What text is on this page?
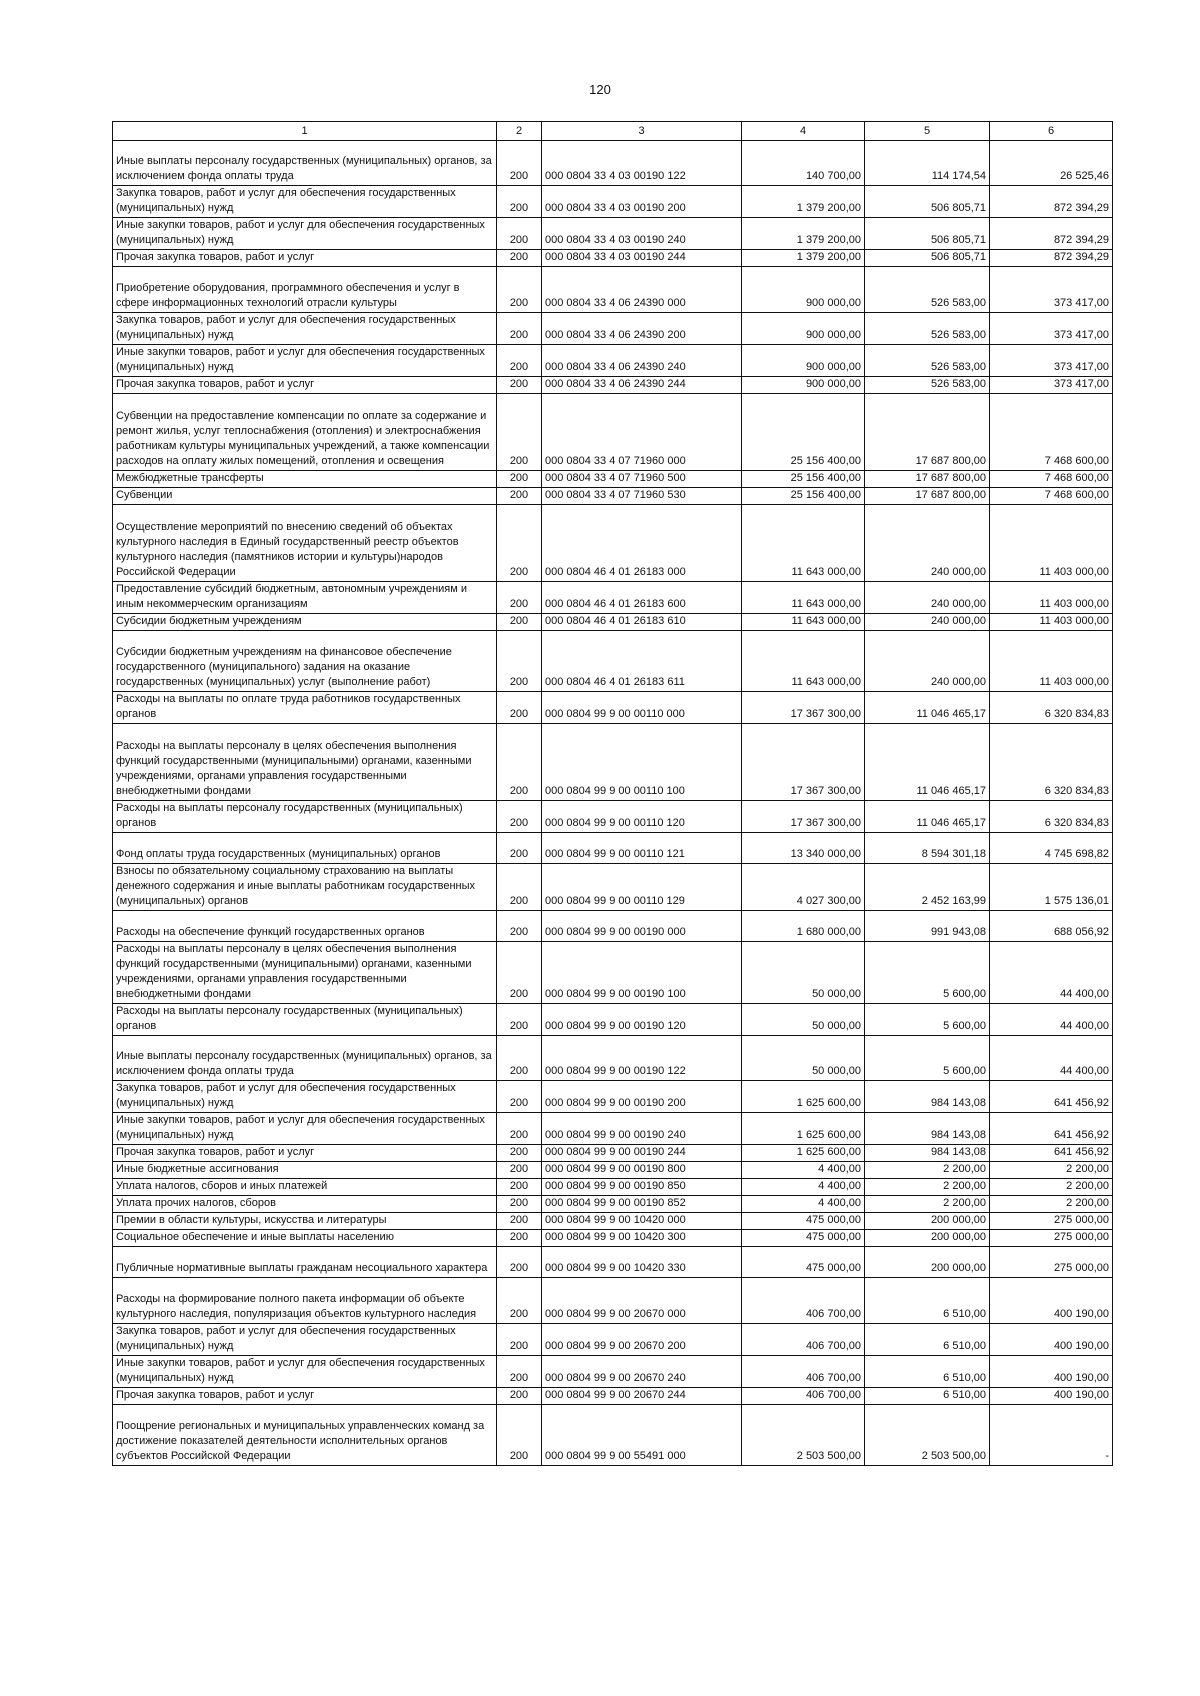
120
1	2	3	4	5	6
Иные выплаты персоналу государственных (муниципальных) органов, за исключением фонда оплаты труда	200	000 0804 33 4 03 00190 122	140 700,00	114 174,54	26 525,46
Закупка товаров, работ и услуг для обеспечения государственных (муниципальных) нужд	200	000 0804 33 4 03 00190 200	1 379 200,00	506 805,71	872 394,29
Иные закупки товаров, работ и услуг для обеспечения государственных (муниципальных) нужд	200	000 0804 33 4 03 00190 240	1 379 200,00	506 805,71	872 394,29
Прочая закупка товаров, работ и услуг	200	000 0804 33 4 03 00190 244	1 379 200,00	506 805,71	872 394,29
Приобретение оборудования, программного обеспечения и услуг в сфере информационных технологий отрасли культуры	200	000 0804 33 4 06 24390 000	900 000,00	526 583,00	373 417,00
Закупка товаров, работ и услуг для обеспечения государственных (муниципальных) нужд	200	000 0804 33 4 06 24390 200	900 000,00	526 583,00	373 417,00
Иные закупки товаров, работ и услуг для обеспечения государственных (муниципальных) нужд	200	000 0804 33 4 06 24390 240	900 000,00	526 583,00	373 417,00
Прочая закупка товаров, работ и услуг	200	000 0804 33 4 06 24390 244	900 000,00	526 583,00	373 417,00
Субвенции на предоставление компенсации по оплате за содержание и ремонт жилья, услуг теплоснабжения (отопления) и электроснабжения работникам культуры муниципальных учреждений, а также компенсации расходов на оплату жилых помещений, отопления и освещения	200	000 0804 33 4 07 71960 000	25 156 400,00	17 687 800,00	7 468 600,00
Межбюджетные трансферты	200	000 0804 33 4 07 71960 500	25 156 400,00	17 687 800,00	7 468 600,00
Субвенции	200	000 0804 33 4 07 71960 530	25 156 400,00	17 687 800,00	7 468 600,00
Осуществление мероприятий по внесению сведений об объектах культурного наследия в Единый государственный реестр объектов культурного наследия (памятников истории и культуры)народов Российской Федерации	200	000 0804 46 4 01 26183 000	11 643 000,00	240 000,00	11 403 000,00
Предоставление субсидий бюджетным, автономным учреждениям и иным некоммерческим организациям	200	000 0804 46 4 01 26183 600	11 643 000,00	240 000,00	11 403 000,00
Субсидии бюджетным учреждениям	200	000 0804 46 4 01 26183 610	11 643 000,00	240 000,00	11 403 000,00
Субсидии бюджетным учреждениям на финансовое обеспечение государственного (муниципального) задания на оказание государственных (муниципальных) услуг (выполнение работ)	200	000 0804 46 4 01 26183 611	11 643 000,00	240 000,00	11 403 000,00
Расходы на выплаты по оплате труда работников государственных органов	200	000 0804 99 9 00 00110 000	17 367 300,00	11 046 465,17	6 320 834,83
Расходы на выплаты персоналу в целях обеспечения выполнения функций государственными (муниципальными) органами, казенными учреждениями, органами управления государственными внебюджетными фондами	200	000 0804 99 9 00 00110 100	17 367 300,00	11 046 465,17	6 320 834,83
Расходы на выплаты персоналу государственных (муниципальных) органов	200	000 0804 99 9 00 00110 120	17 367 300,00	11 046 465,17	6 320 834,83
Фонд оплаты труда государственных (муниципальных) органов	200	000 0804 99 9 00 00110 121	13 340 000,00	8 594 301,18	4 745 698,82
Взносы по обязательному социальному страхованию на выплаты денежного содержания и иные выплаты работникам государственных (муниципальных) органов	200	000 0804 99 9 00 00110 129	4 027 300,00	2 452 163,99	1 575 136,01
Расходы на обеспечение функций государственных органов	200	000 0804 99 9 00 00190 000	1 680 000,00	991 943,08	688 056,92
Расходы на выплаты персоналу в целях обеспечения выполнения функций государственными (муниципальными) органами, казенными учреждениями, органами управления государственными внебюджетными фондами	200	000 0804 99 9 00 00190 100	50 000,00	5 600,00	44 400,00
Расходы на выплаты персоналу государственных (муниципальных) органов	200	000 0804 99 9 00 00190 120	50 000,00	5 600,00	44 400,00
Иные выплаты персоналу государственных (муниципальных) органов, за исключением фонда оплаты труда	200	000 0804 99 9 00 00190 122	50 000,00	5 600,00	44 400,00
Закупка товаров, работ и услуг для обеспечения государственных (муниципальных) нужд	200	000 0804 99 9 00 00190 200	1 625 600,00	984 143,08	641 456,92
Иные закупки товаров, работ и услуг для обеспечения государственных (муниципальных) нужд	200	000 0804 99 9 00 00190 240	1 625 600,00	984 143,08	641 456,92
Прочая закупка товаров, работ и услуг	200	000 0804 99 9 00 00190 244	1 625 600,00	984 143,08	641 456,92
Иные бюджетные ассигнования	200	000 0804 99 9 00 00190 800	4 400,00	2 200,00	2 200,00
Уплата налогов, сборов и иных платежей	200	000 0804 99 9 00 00190 850	4 400,00	2 200,00	2 200,00
Уплата прочих налогов, сборов	200	000 0804 99 9 00 00190 852	4 400,00	2 200,00	2 200,00
Премии в области культуры, искусства и литературы	200	000 0804 99 9 00 10420 000	475 000,00	200 000,00	275 000,00
Социальное обеспечение и иные выплаты населению	200	000 0804 99 9 00 10420 300	475 000,00	200 000,00	275 000,00
Публичные нормативные выплаты гражданам несоциального характера	200	000 0804 99 9 00 10420 330	475 000,00	200 000,00	275 000,00
Расходы на формирование полного пакета информации об объекте культурного наследия, популяризация объектов культурного наследия	200	000 0804 99 9 00 20670 000	406 700,00	6 510,00	400 190,00
Закупка товаров, работ и услуг для обеспечения государственных (муниципальных) нужд	200	000 0804 99 9 00 20670 200	406 700,00	6 510,00	400 190,00
Иные закупки товаров, работ и услуг для обеспечения государственных (муниципальных) нужд	200	000 0804 99 9 00 20670 240	406 700,00	6 510,00	400 190,00
Прочая закупка товаров, работ и услуг	200	000 0804 99 9 00 20670 244	406 700,00	6 510,00	400 190,00
Поощрение региональных и муниципальных управленческих команд за достижение показателей деятельности исполнительных органов субъектов Российской Федерации	200	000 0804 99 9 00 55491 000	2 503 500,00	2 503 500,00	-
